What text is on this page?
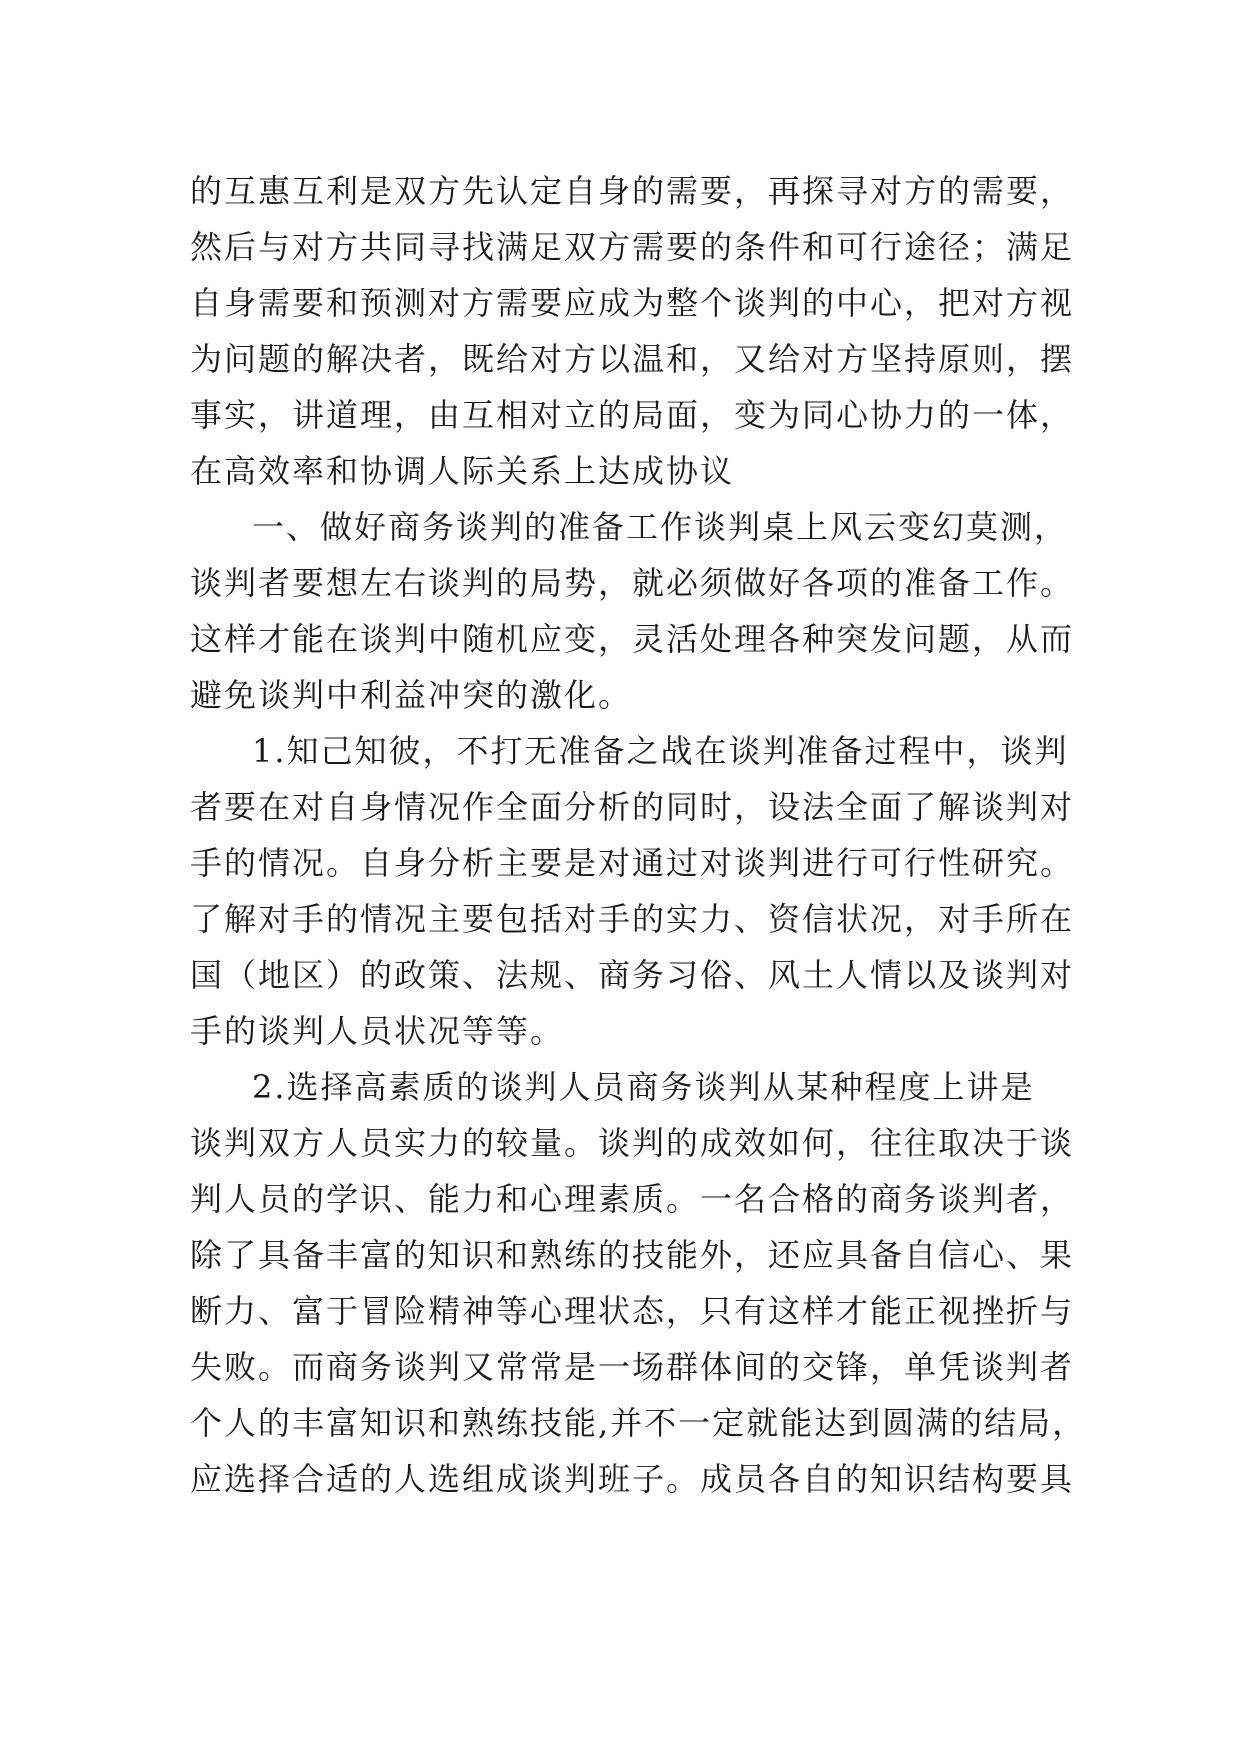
的互惠互利是双方先认定自身的需要，再探寻对方的需要，
然后与对方共同寻找满足双方需要的条件和可行途径；满足
自身需要和预测对方需要应成为整个谈判的中心，把对方视
为问题的解决者，既给对方以温和，又给对方坚持原则，摆
事实，讲道理，由互相对立的局面，变为同心协力的一体，
在高效率和协调人际关系上达成协议
一、做好商务谈判的准备工作谈判桌上风云变幻莫测，
谈判者要想左右谈判的局势，就必须做好各项的准备工作。
这样才能在谈判中随机应变，灵活处理各种突发问题，从而
避免谈判中利益冲突的激化。
1.知己知彼，不打无准备之战在谈判准备过程中，谈判
者要在对自身情况作全面分析的同时，设法全面了解谈判对
手的情况。自身分析主要是对通过对谈判进行可行性研究。
了解对手的情况主要包括对手的实力、资信状况，对手所在
国（地区）的政策、法规、商务习俗、风土人情以及谈判对
手的谈判人员状况等等。
2.选择高素质的谈判人员商务谈判从某种程度上讲是
谈判双方人员实力的较量。谈判的成效如何，往往取决于谈
判人员的学识、能力和心理素质。一名合格的商务谈判者，
除了具备丰富的知识和熟练的技能外，还应具备自信心、果
断力、富于冒险精神等心理状态，只有这样才能正视挫折与
失败。而商务谈判又常常是一场群体间的交锋，单凭谈判者
个人的丰富知识和熟练技能,并不一定就能达到圆满的结局，
应选择合适的人选组成谈判班子。成员各自的知识结构要具
